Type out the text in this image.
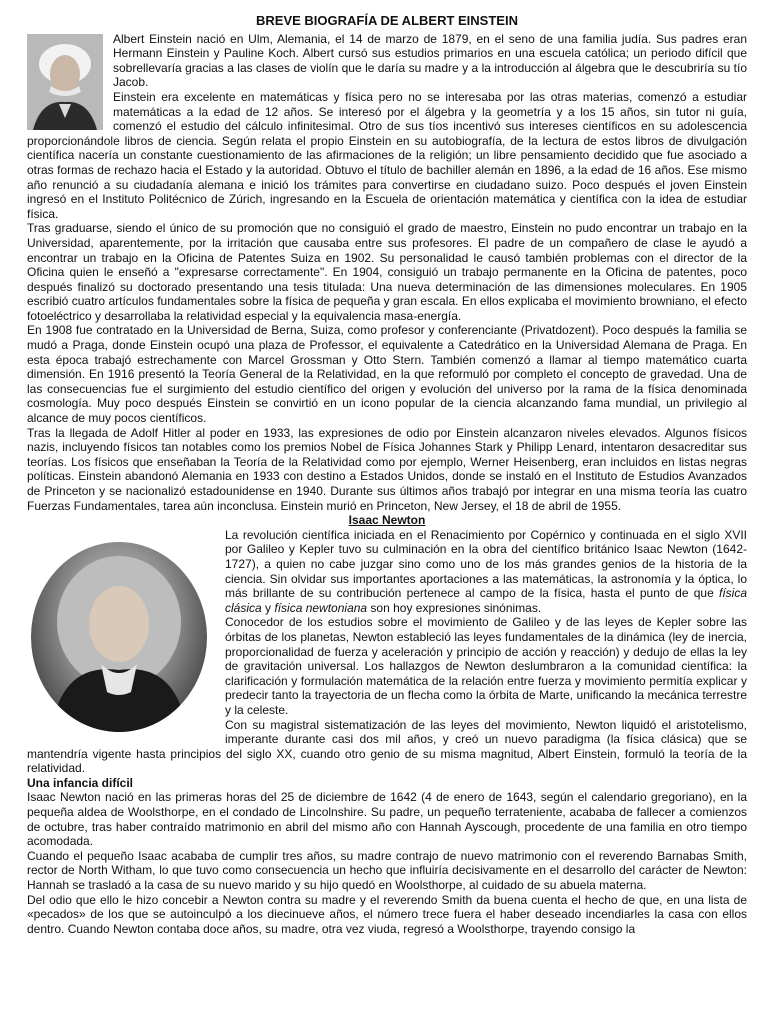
BREVE BIOGRAFÍA DE ALBERT EINSTEIN

Albert Einstein nació en Ulm, Alemania, el 14 de marzo de 1879, en el seno de una familia judía. Sus padres eran Hermann Einstein y Pauline Koch. Albert cursó sus estudios primarios en una escuela católica; un periodo difícil que sobrellevaría gracias a las clases de violín que le daría su madre y a la introducción al álgebra que le descubriría su tío Jacob.

Einstein era excelente en matemáticas y física pero no se interesaba por las otras materias, comenzó a estudiar matemáticas a la edad de 12 años. Se interesó por el álgebra y la geometría y a los 15 años, sin tutor ni guía, comenzó el estudio del cálculo infinitesimal. Otro de sus tíos incentivó sus intereses científicos en su adolescencia proporcionándole libros de ciencia. Según relata el propio Einstein en su autobiografía, de la lectura de estos libros de divulgación científica nacería un constante cuestionamiento de las afirmaciones de la religión; un libre pensamiento decidido que fue asociado a otras formas de rechazo hacia el Estado y la autoridad. Obtuvo el título de bachiller alemán en 1896, a la edad de 16 años. Ese mismo año renunció a su ciudadanía alemana e inició los trámites para convertirse en ciudadano suizo. Poco después el joven Einstein ingresó en el Instituto Politécnico de Zúrich, ingresando en la Escuela de orientación matemática y científica con la idea de estudiar física.

Tras graduarse, siendo el único de su promoción que no consiguió el grado de maestro, Einstein no pudo encontrar un trabajo en la Universidad, aparentemente, por la irritación que causaba entre sus profesores. El padre de un compañero de clase le ayudó a encontrar un trabajo en la Oficina de Patentes Suiza en 1902. Su personalidad le causó también problemas con el director de la Oficina quien le enseñó a "expresarse correctamente". En 1904, consiguió un trabajo permanente en la Oficina de patentes, poco después finalizó su doctorado presentando una tesis titulada: Una nueva determinación de las dimensiones moleculares. En 1905 escribió cuatro artículos fundamentales sobre la física de pequeña y gran escala. En ellos explicaba el movimiento browniano, el efecto fotoeléctrico y desarrollaba la relatividad especial y la equivalencia masa-energía.

En 1908 fue contratado en la Universidad de Berna, Suiza, como profesor y conferenciante (Privatdozent). Poco después la familia se mudó a Praga, donde Einstein ocupó una plaza de Professor, el equivalente a Catedrático en la Universidad Alemana de Praga. En esta época trabajó estrechamente con Marcel Grossman y Otto Stern. También comenzó a llamar al tiempo matemático cuarta dimensión. En 1916 presentó la Teoría General de la Relatividad, en la que reformuló por completo el concepto de gravedad. Una de las consecuencias fue el surgimiento del estudio científico del origen y evolución del universo por la rama de la física denominada cosmología. Muy poco después Einstein se convirtió en un icono popular de la ciencia alcanzando fama mundial, un privilegio al alcance de muy pocos científicos.

Tras la llegada de Adolf Hitler al poder en 1933, las expresiones de odio por Einstein alcanzaron niveles elevados. Algunos físicos nazis, incluyendo físicos tan notables como los premios Nobel de Física Johannes Stark y Philipp Lenard, intentaron desacreditar sus teorías. Los físicos que enseñaban la Teoría de la Relatividad como por ejemplo, Werner Heisenberg, eran incluidos en listas negras políticas. Einstein abandonó Alemania en 1933 con destino a Estados Unidos, donde se instaló en el Instituto de Estudios Avanzados de Princeton y se nacionalizó estadounidense en 1940. Durante sus últimos años trabajó por integrar en una misma teoría las cuatro Fuerzas Fundamentales, tarea aún inconclusa. Einstein murió en Princeton, New Jersey, el 18 de abril de 1955.

Isaac Newton

La revolución científica iniciada en el Renacimiento por Copérnico y continuada en el siglo XVII por Galileo y Kepler tuvo su culminación en la obra del científico británico Isaac Newton (1642-1727), a quien no cabe juzgar sino como uno de los más grandes genios de la historia de la ciencia. Sin olvidar sus importantes aportaciones a las matemáticas, la astronomía y la óptica, lo más brillante de su contribución pertenece al campo de la física, hasta el punto de que física clásica y física newtoniana son hoy expresiones sinónimas.

Conocedor de los estudios sobre el movimiento de Galileo y de las leyes de Kepler sobre las órbitas de los planetas, Newton estableció las leyes fundamentales de la dinámica (ley de inercia, proporcionalidad de fuerza y aceleración y principio de acción y reacción) y dedujo de ellas la ley de gravitación universal. Los hallazgos de Newton deslumbraron a la comunidad científica: la clarificación y formulación matemática de la relación entre fuerza y movimiento permitía explicar y predecir tanto la trayectoria de un flecha como la órbita de Marte, unificando la mecánica terrestre y la celeste.

Con su magistral sistematización de las leyes del movimiento, Newton liquidó el aristotelismo, imperante durante casi dos mil años, y creó un nuevo paradigma (la física clásica) que se mantendría vigente hasta principios del siglo XX, cuando otro genio de su misma magnitud, Albert Einstein, formuló la teoría de la relatividad.

Una infancia difícil

Isaac Newton nació en las primeras horas del 25 de diciembre de 1642 (4 de enero de 1643, según el calendario gregoriano), en la pequeña aldea de Woolsthorpe, en el condado de Lincolnshire. Su padre, un pequeño terrateniente, acababa de fallecer a comienzos de octubre, tras haber contraído matrimonio en abril del mismo año con Hannah Ayscough, procedente de una familia en otro tiempo acomodada.

Cuando el pequeño Isaac acababa de cumplir tres años, su madre contrajo de nuevo matrimonio con el reverendo Barnabas Smith, rector de North Witham, lo que tuvo como consecuencia un hecho que influiría decisivamente en el desarrollo del carácter de Newton: Hannah se trasladó a la casa de su nuevo marido y su hijo quedó en Woolsthorpe, al cuidado de su abuela materna.

Del odio que ello le hizo concebir a Newton contra su madre y el reverendo Smith da buena cuenta el hecho de que, en una lista de «pecados» de los que se autoinculpó a los diecinueve años, el número trece fuera el haber deseado incendiarles la casa con ellos dentro. Cuando Newton contaba doce años, su madre, otra vez viuda, regresó a Woolsthorpe, trayendo consigo la
